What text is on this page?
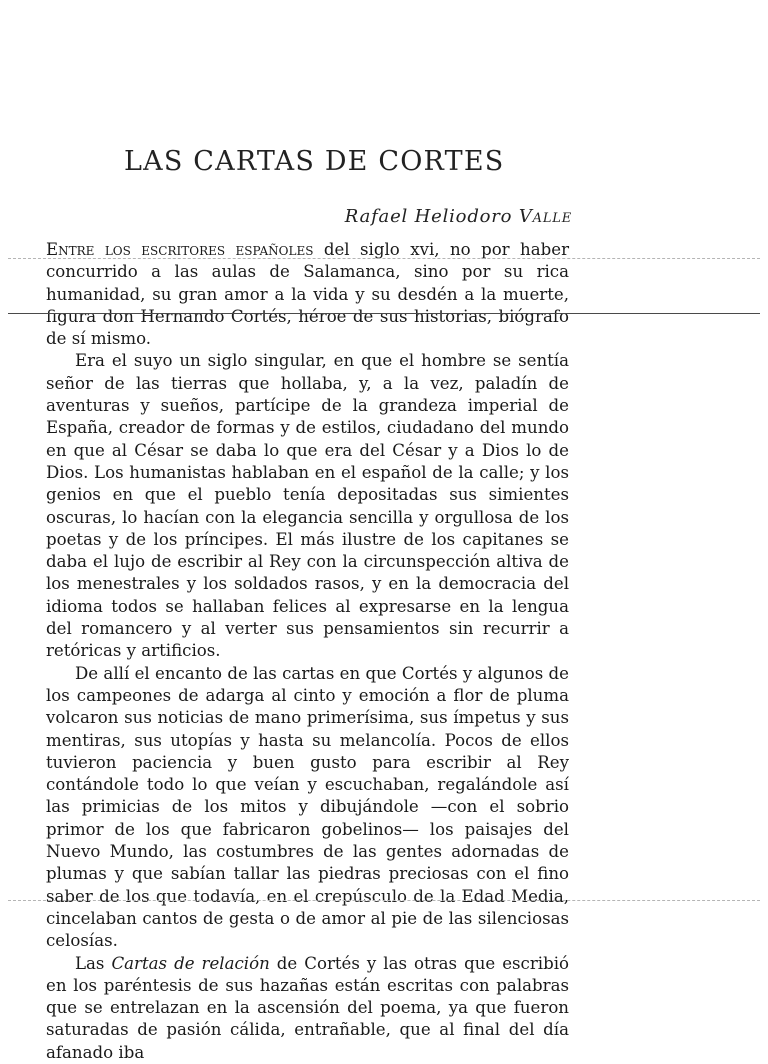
LAS CARTAS DE CORTES

Rafael Heliodoro Valle

Entre los escritores españoles del siglo xvi, no por haber concurrido a las aulas de Salamanca, sino por su rica humanidad, su gran amor a la vida y su desdén a la muerte, figura don Hernando Cortés, héroe de sus historias, biógrafo de sí mismo.

Era el suyo un siglo singular, en que el hombre se sentía señor de las tierras que hollaba, y, a la vez, paladín de aventuras y sueños, partícipe de la grandeza imperial de España, creador de formas y de estilos, ciudadano del mundo en que al César se daba lo que era del César y a Dios lo de Dios. Los humanistas hablaban en el español de la calle; y los genios en que el pueblo tenía depositadas sus simientes oscuras, lo hacían con la elegancia sencilla y orgullosa de los poetas y de los príncipes. El más ilustre de los capitanes se daba el lujo de escribir al Rey con la circunspección altiva de los menestrales y los soldados rasos, y en la democracia del idioma todos se hallaban felices al expresarse en la lengua del romancero y al verter sus pensamientos sin recurrir a retóricas y artificios.

De allí el encanto de las cartas en que Cortés y algunos de los campeones de adarga al cinto y emoción a flor de pluma volcaron sus noticias de mano primerísima, sus ímpetus y sus mentiras, sus utopías y hasta su melancolía. Pocos de ellos tuvieron paciencia y buen gusto para escribir al Rey contándole todo lo que veían y escuchaban, regalándole así las primicias de los mitos y dibujándole —con el sobrio primor de los que fabricaron gobelinos— los paisajes del Nuevo Mundo, las costumbres de las gentes adornadas de plumas y que sabían tallar las piedras preciosas con el fino saber de los que todavía, en el crepúsculo de la Edad Media, cincelaban cantos de gesta o de amor al pie de las silenciosas celosías.

Las Cartas de relación de Cortés y las otras que escribió en los paréntesis de sus hazañas están escritas con palabras que se entrelazan en la ascensión del poema, ya que fueron saturadas de pasión cálida, entrañable, que al final del día afanado iba
